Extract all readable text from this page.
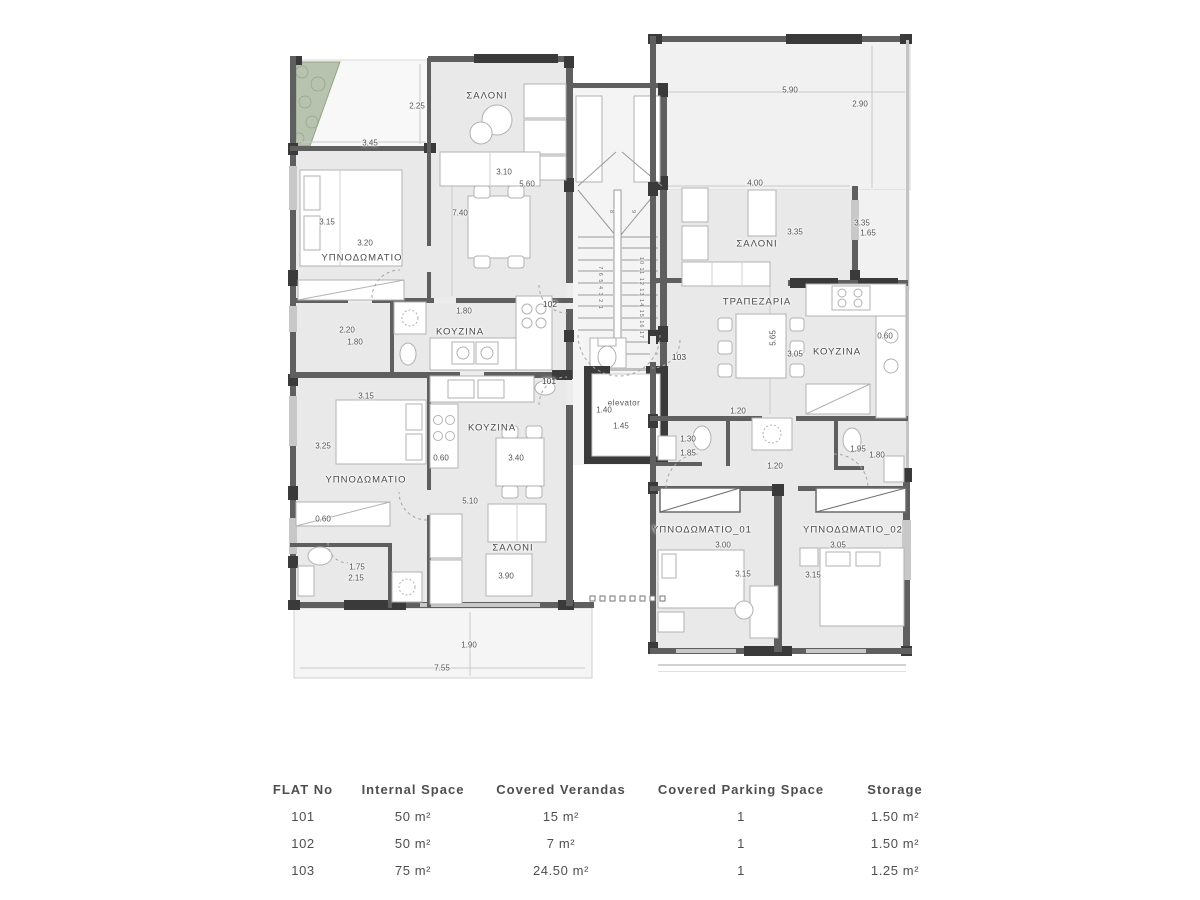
ΣΑΛΟΝΙ
ΥΠΝΟΔΩΜΑΤΙΟ
ΚΟΥΖΙΝΑ
ΚΟΥΖΙΝΑ
ΥΠΝΟΔΩΜΑΤΙΟ
ΣΑΛΟΝΙ
ΣΑΛΟΝΙ
ΤΡΑΠΕΖΑΡΙΑ
ΚΟΥΖΙΝΑ
ΥΠΝΟΔΩΜΑΤΙΟ_01	ΥΠΝΟΔΩΜΑΤΙΟ_02
elevator
102
101
103
2.25
3.45
3.10
5.60
7.40
3.15
3.20
1.80
2.20
1.80
3.15
3.25
0.60	3.40
5.10
0.60
1.75
2.15	3.90
1.90
7.55
1.40
1.45
5.90
2.90
4.00
3.35
3.35
1.65
5.65
3.05
0.60
1.20
1.30
1.85
1.20
1.95
1.80
3.00
3.15
3.05
3.15
8	9
7 6 5 4 3 2 1	10 11 12 13 14 15 16 17
FLAT No	Internal Space	Covered Verandas	Covered Parking Space	Storage
101	50 m²	15 m²	1	1.50 m²
102	50 m²	7 m²	1	1.50 m²
103	75 m²	24.50 m²	1	1.25 m²
